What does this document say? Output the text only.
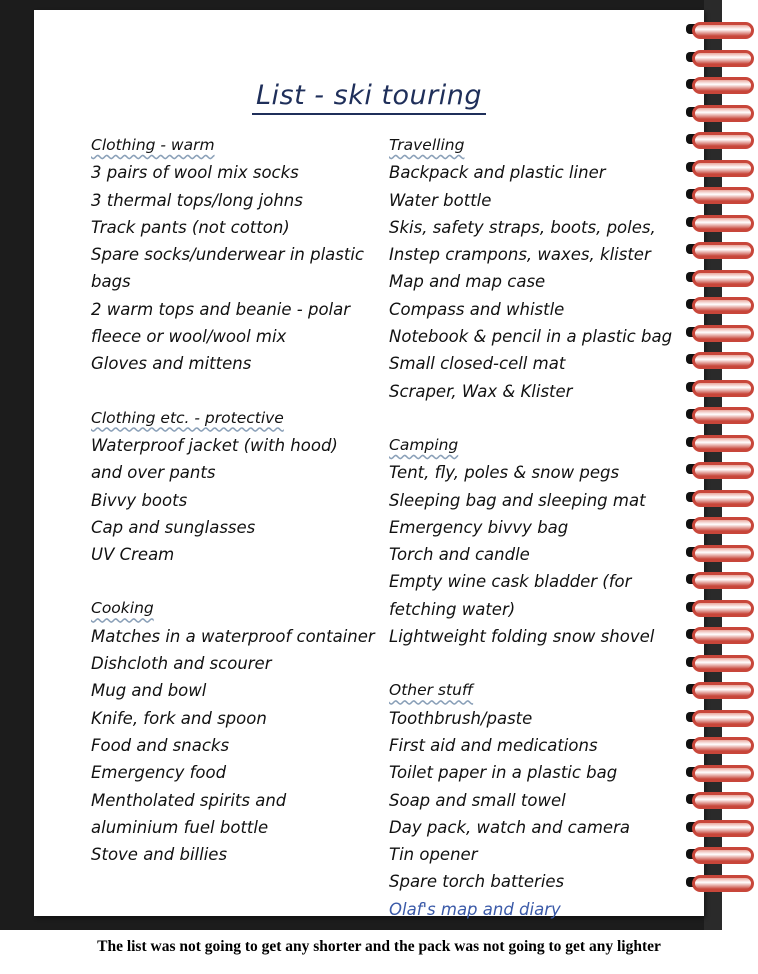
List - ski touring
Clothing - warm
3 pairs of wool mix socks
3 thermal tops/long johns
Track pants (not cotton)
Spare socks/underwear in plastic
bags
2 warm tops and beanie - polar
fleece or wool/wool mix
Gloves and mittens
Clothing etc. - protective
Waterproof jacket (with hood)
and over pants
Bivvy boots
Cap and sunglasses
UV Cream
Cooking
Matches in a waterproof container
Dishcloth and scourer
Mug and bowl
Knife, fork and spoon
Food and snacks
Emergency food
Mentholated spirits and
aluminium fuel bottle
Stove and billies
Travelling
Backpack and plastic liner
Water bottle
Skis, safety straps, boots, poles,
Instep crampons, waxes, klister
Map and map case
Compass and whistle
Notebook & pencil in a plastic bag
Small closed-cell mat
Scraper, Wax & Klister
Camping
Tent, fly, poles & snow pegs
Sleeping bag and sleeping mat
Emergency bivvy bag
Torch and candle
Empty wine cask bladder (for
fetching water)
Lightweight folding snow shovel
Other stuff
Toothbrush/paste
First aid and medications
Toilet paper in a plastic bag
Soap and small towel
Day pack, watch and camera
Tin opener
Spare torch batteries
Olaf's map and diary
The list was not going to get any shorter and the pack was not going to get any lighter
